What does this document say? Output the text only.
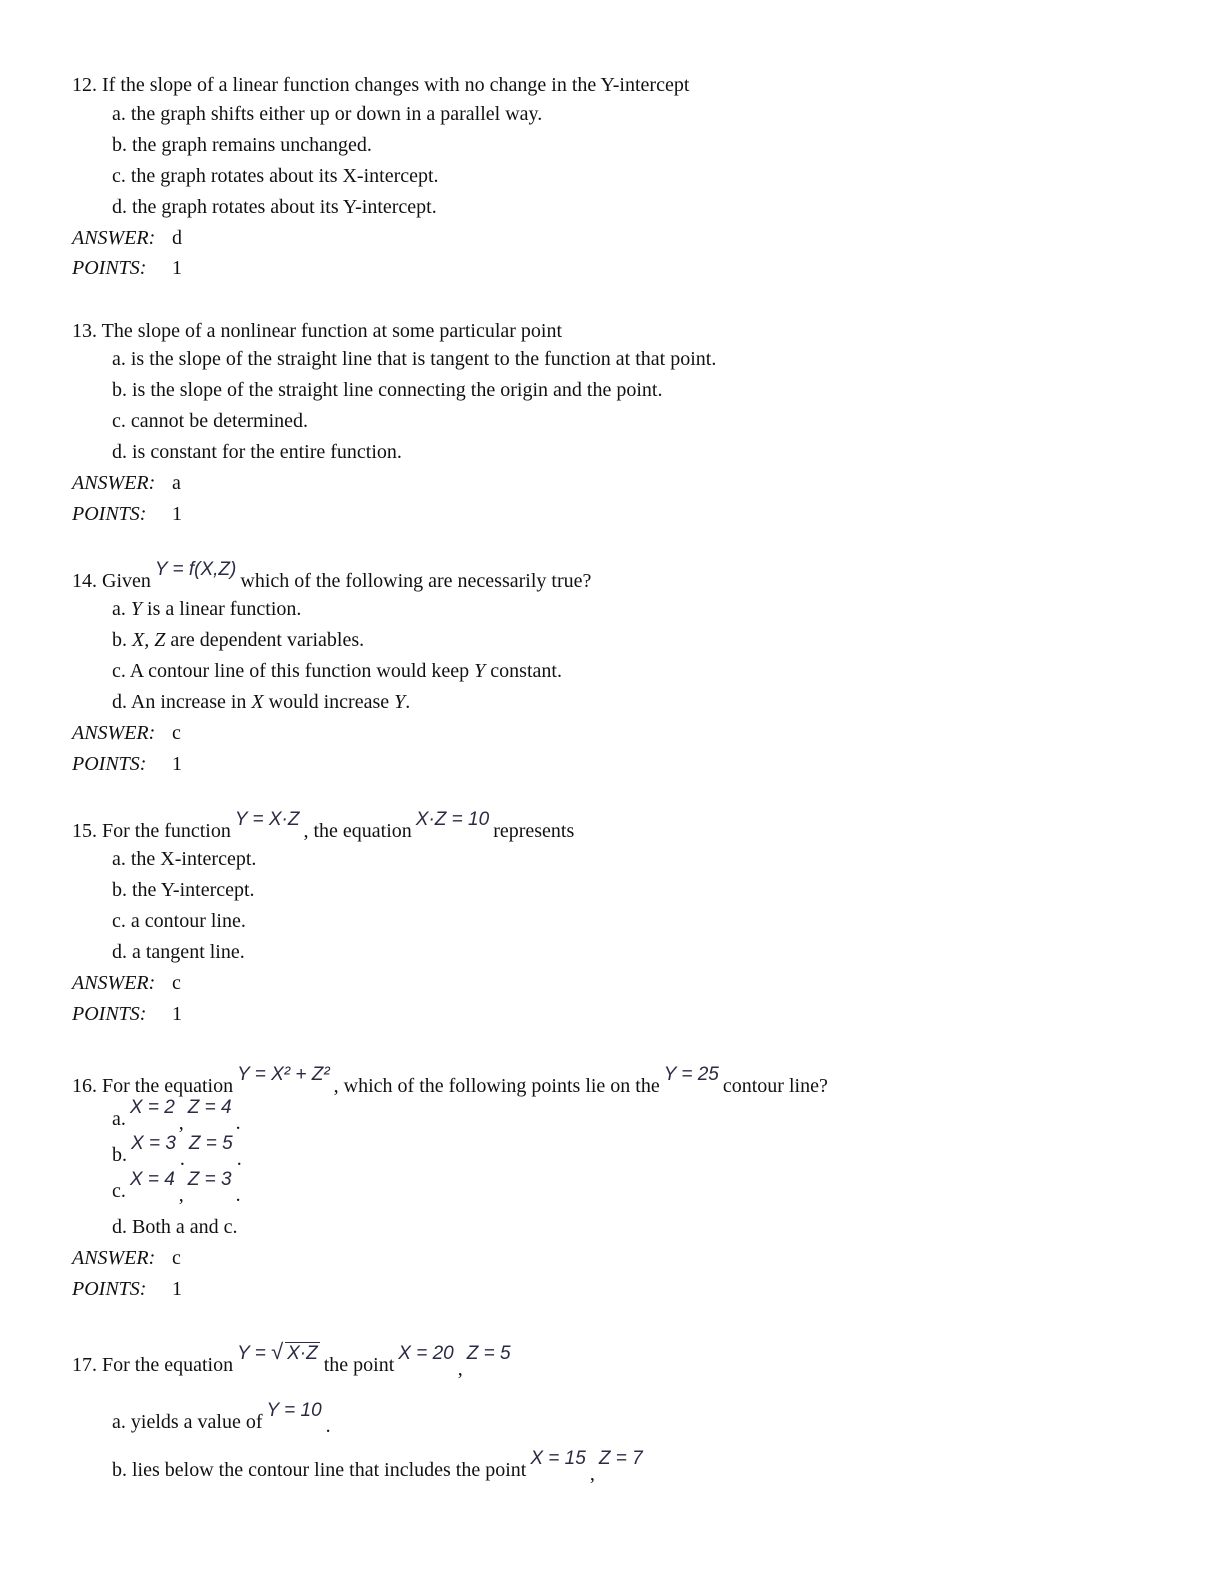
12. If the slope of a linear function changes with no change in the Y-intercept
a. the graph shifts either up or down in a parallel way.
b. the graph remains unchanged.
c. the graph rotates about its X-intercept.
d. the graph rotates about its Y-intercept.
ANSWER: d
POINTS: 1
13. The slope of a nonlinear function at some particular point
a. is the slope of the straight line that is tangent to the function at that point.
b. is the slope of the straight line connecting the origin and the point.
c. cannot be determined.
d. is constant for the entire function.
ANSWER: a
POINTS: 1
14. GivenY = f(X,Z)which of the following are necessarily true?
a. Y is a linear function.
b. X, Z are dependent variables.
c. A contour line of this function would keep Y constant.
d. An increase in X would increase Y.
ANSWER: c
POINTS: 1
15. For the functionY = X·Z, the equationX·Z = 10represents
a. the X-intercept.
b. the Y-intercept.
c. a contour line.
d. a tangent line.
ANSWER: c
POINTS: 1
16. For the equationY = X² + Z², which of the following points lie on theY = 25contour line?
a.X = 2,Z = 4.
b.X = 3.Z = 5.
c.X = 4,Z = 3.
d. Both a and c.
ANSWER: c
POINTS: 1
17. For the equationY = √ X·Zthe pointX = 20,Z = 5
a. yields a value ofY = 10.
b. lies below the contour line that includes the pointX = 15,Z = 7
